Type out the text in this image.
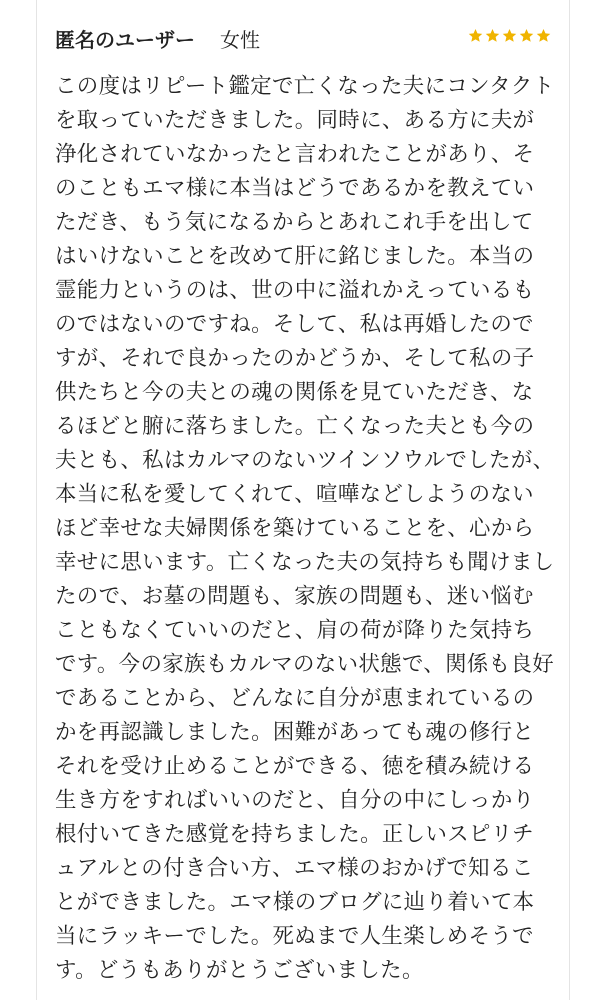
匿名のユーザー 女性
この度はリピート鑑定で亡くなった夫にコンタクトを取っていただきました。同時に、ある方に夫が浄化されていなかったと言われたことがあり、そのこともエマ様に本当はどうであるかを教えていただき、もう気になるからとあれこれ手を出してはいけないことを改めて肝に銘じました。本当の霊能力というのは、世の中に溢れかえっているものではないのですね。そして、私は再婚したのですが、それで良かったのかどうか、そして私の子供たちと今の夫との魂の関係を見ていただき、なるほどと腑に落ちました。亡くなった夫とも今の夫とも、私はカルマのないツインソウルでしたが、本当に私を愛してくれて、喧嘩などしようのないほど幸せな夫婦関係を築けていることを、心から幸せに思います。亡くなった夫の気持ちも聞けましたので、お墓の問題も、家族の問題も、迷い悩むこともなくていいのだと、肩の荷が降りた気持ちです。今の家族もカルマのない状態で、関係も良好であることから、どんなに自分が恵まれているのかを再認識しました。困難があっても魂の修行とそれを受け止めることができる、徳を積み続ける生き方をすればいいのだと、自分の中にしっかり根付いてきた感覚を持ちました。正しいスピリチュアルとの付き合い方、エマ様のおかげで知ることができました。エマ様のブログに辿り着いて本当にラッキーでした。死ぬまで人生楽しめそうです。どうもありがとうございました。
